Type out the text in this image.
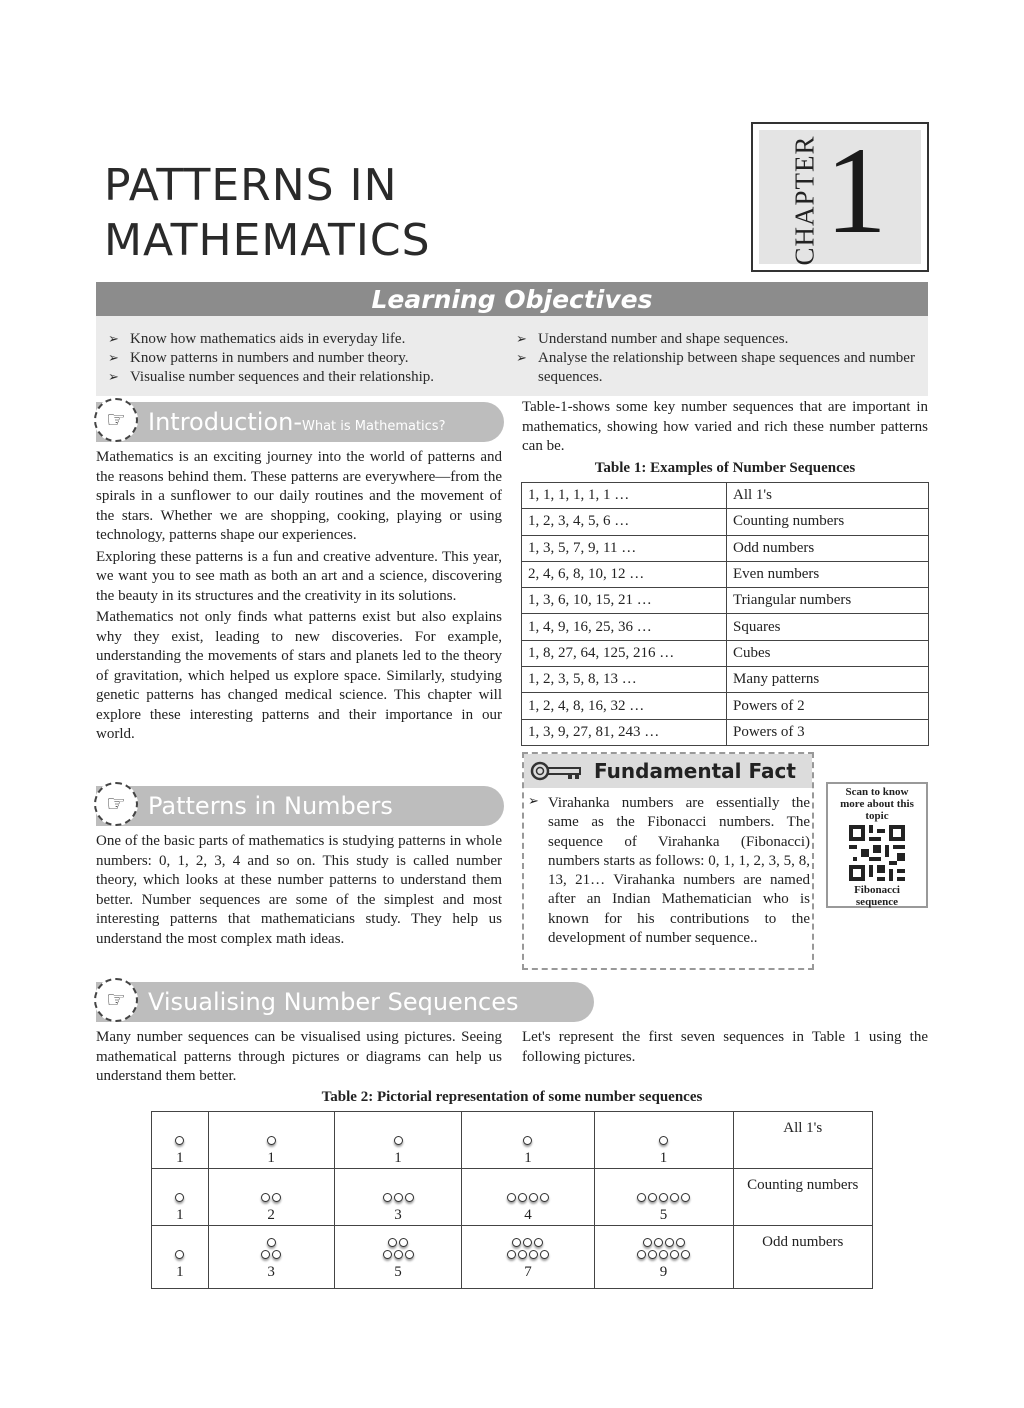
PATTERNS IN
MATHEMATICS	CHAPTER 1
Learning Objectives
➢ Know how mathematics aids in everyday life.
➢ Know patterns in numbers and number theory.
➢ Visualise number sequences and their relationship.
➢ Understand number and shape sequences.
➢ Analyse the relationship between shape sequences and number sequences.
☞ Introduction-What is Mathematics?

Mathematics is an exciting journey into the world of patterns and the reasons behind them. These patterns are everywhere—from the spirals in a sunflower to our daily routines and the movement of the stars. Whether we are shopping, cooking, playing or using technology, patterns shape our experiences.

Exploring these patterns is a fun and creative adventure. This year, we want you to see math as both an art and a science, discovering the beauty in its structures and the creativity in its solutions.

Mathematics not only finds what patterns exist but also explains why they exist, leading to new discoveries. For example, understanding the movements of stars and planets led to the theory of gravitation, which helped us explore space. Similarly, studying genetic patterns has changed medical science. This chapter will explore these interesting patterns and their importance in our world.

☞ Patterns in Numbers

One of the basic parts of mathematics is studying patterns in whole numbers: 0, 1, 2, 3, 4 and so on. This study is called number theory, which looks at these number patterns to understand them better. Number sequences are some of the simplest and most interesting patterns that mathematicians study. They help us understand the most complex math ideas.

Table-1-shows some key number sequences that are important in mathematics, showing how varied and rich these number patterns can be.

Table 1: Examples of Number Sequences
1, 1, 1, 1, 1, 1 …	All 1's
1, 2, 3, 4, 5, 6 …	Counting numbers
1, 3, 5, 7, 9, 11 …	Odd numbers
2, 4, 6, 8, 10, 12 …	Even numbers
1, 3, 6, 10, 15, 21 …	Triangular numbers
1, 4, 9, 16, 25, 36 …	Squares
1, 8, 27, 64, 125, 216 …	Cubes
1, 2, 3, 5, 8, 13 …	Many patterns
1, 2, 4, 8, 16, 32 …	Powers of 2
1, 3, 9, 27, 81, 243 …	Powers of 3
Fundamental Fact
➢ Virahanka numbers are essentially the same as the Fibonacci numbers. The sequence of Virahanka (Fibonacci) numbers starts as follows: 0, 1, 1, 2, 3, 5, 8, 13, 21… Virahanka numbers are named after an Indian Mathematician who is known for his contributions to the development of number sequence..

Scan to know more about this topic
Fibonacci sequence
☞ Visualising Number Sequences

Many number sequences can be visualised using pictures. Seeing mathematical patterns through pictures or diagrams can help us understand them better.

Let's represent the first seven sequences in Table 1 using the following pictures.

Table 2: Pictorial representation of some number sequences
1	1	1	1	1	All 1's

1	2	3	4	5	Counting numbers

1	3	5	7	9	Odd numbers
